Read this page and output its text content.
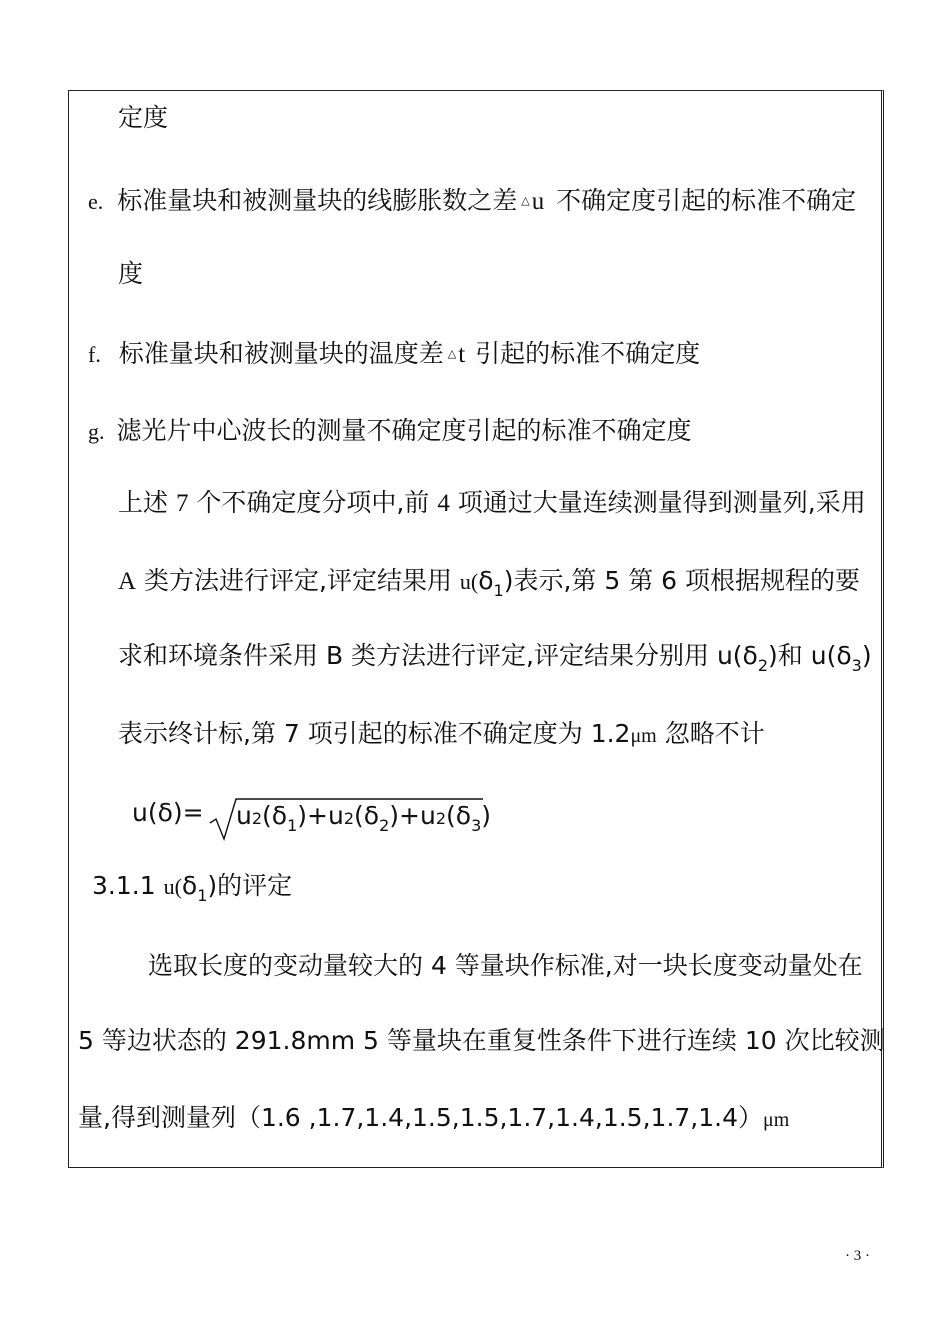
定度
e. 标准量块和被测量块的线膨胀数之差 △u 不确定度引起的标准不确定
度
f. 标准量块和被测量块的温度差 △t 引起的标准不确定度
g. 滤光片中心波长的测量不确定度引起的标准不确定度
上述 7 个不确定度分项中,前 4 项通过大量连续测量得到测量列,采用
A 类方法进行评定,评定结果用 $u(\delta_1)$表示,第 5 第 6 项根据规程的要
求和环境条件采用 B 类方法进行评定,评定结果分别用 $u(\delta_2)$和 $u(\delta_3)$
表示终计标,第 7 项引起的标准不确定度为 1.2μm 忽略不计
$u(\delta)= u2(\delta_1)+u2(\delta_2)+u2(\delta_3)$
3.1.1 $u(\delta_1)$的评定
选取长度的变动量较大的 4 等量块作标准,对一块长度变动量处在
5 等边状态的 291.8mm 5 等量块在重复性条件下进行连续 10 次比较测
量,得到测量列（1.6 ,1.7,1.4,1.5,1.5,1.7,1.4,1.5,1.7,1.4）μm
· 3 ·
